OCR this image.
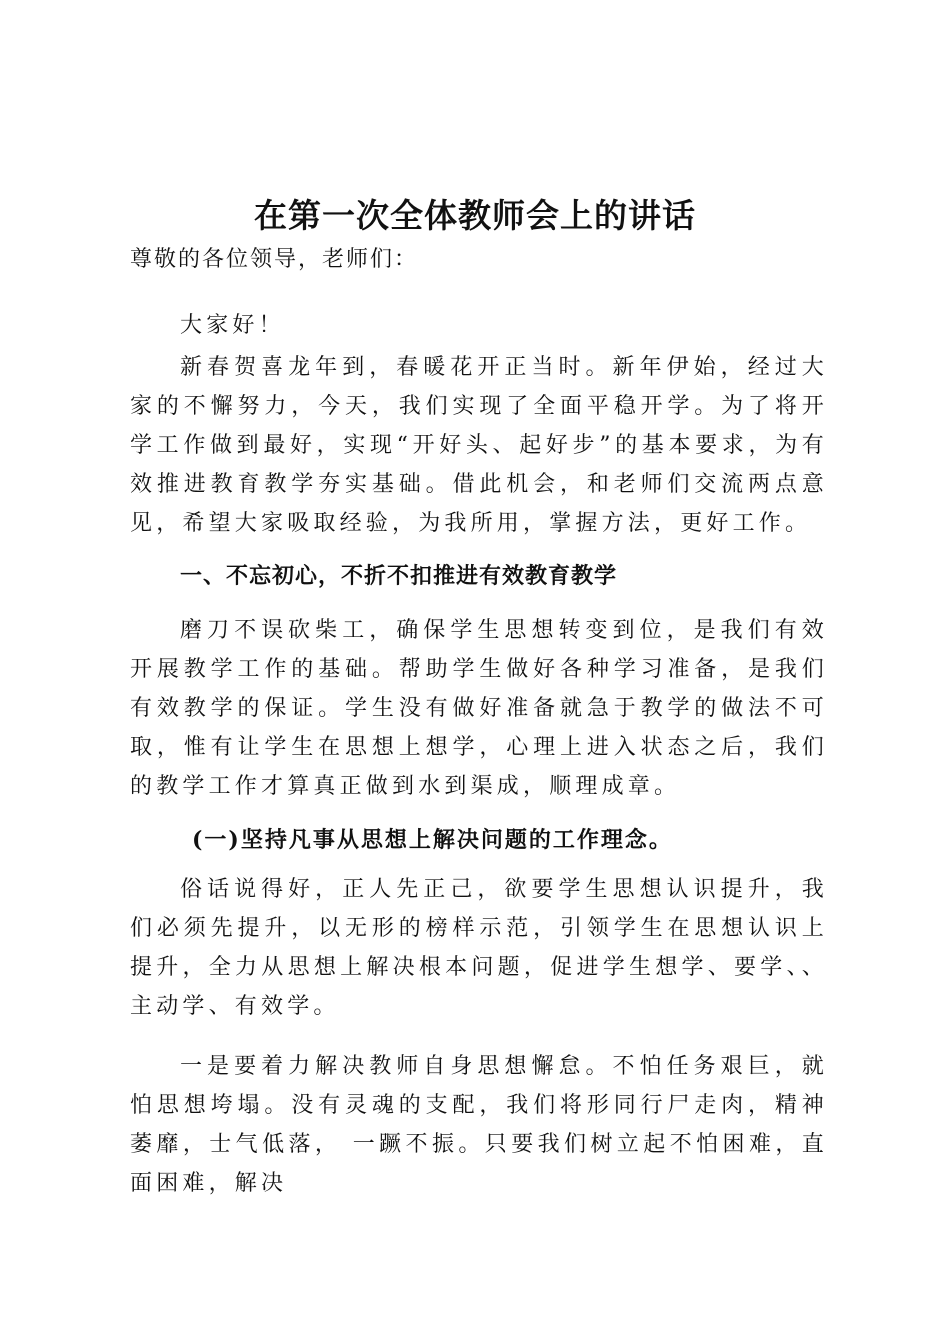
在第一次全体教师会上的讲话
尊敬的各位领导，老师们：

大家好！

新春贺喜龙年到，春暖花开正当时。新年伊始，经过大家的不懈努力，今天，我们实现了全面平稳开学。为了将开学工作做到最好，实现“开好头、起好步”的基本要求，为有效推进教育教学夯实基础。借此机会，和老师们交流两点意见，希望大家吸取经验，为我所用，掌握方法，更好工作。

一、不忘初心，不折不扣推进有效教育教学

磨刀不误砍柴工，确保学生思想转变到位，是我们有效开展教学工作的基础。帮助学生做好各种学习准备，是我们有效教学的保证。学生没有做好准备就急于教学的做法不可取，惟有让学生在思想上想学，心理上进入状态之后，我们的教学工作才算真正做到水到渠成，顺理成章。

(一)坚持凡事从思想上解决问题的工作理念。

俗话说得好，正人先正己，欲要学生思想认识提升，我们必须先提升，以无形的榜样示范，引领学生在思想认识上提升，全力从思想上解决根本问题，促进学生想学、要学、、主动学、有效学。

一是要着力解决教师自身思想懈怠。不怕任务艰巨，就怕思想垮塌。没有灵魂的支配，我们将形同行尸走肉，精神萎靡，士气低落， 一蹶不振。只要我们树立起不怕困难，直面困难，解决
